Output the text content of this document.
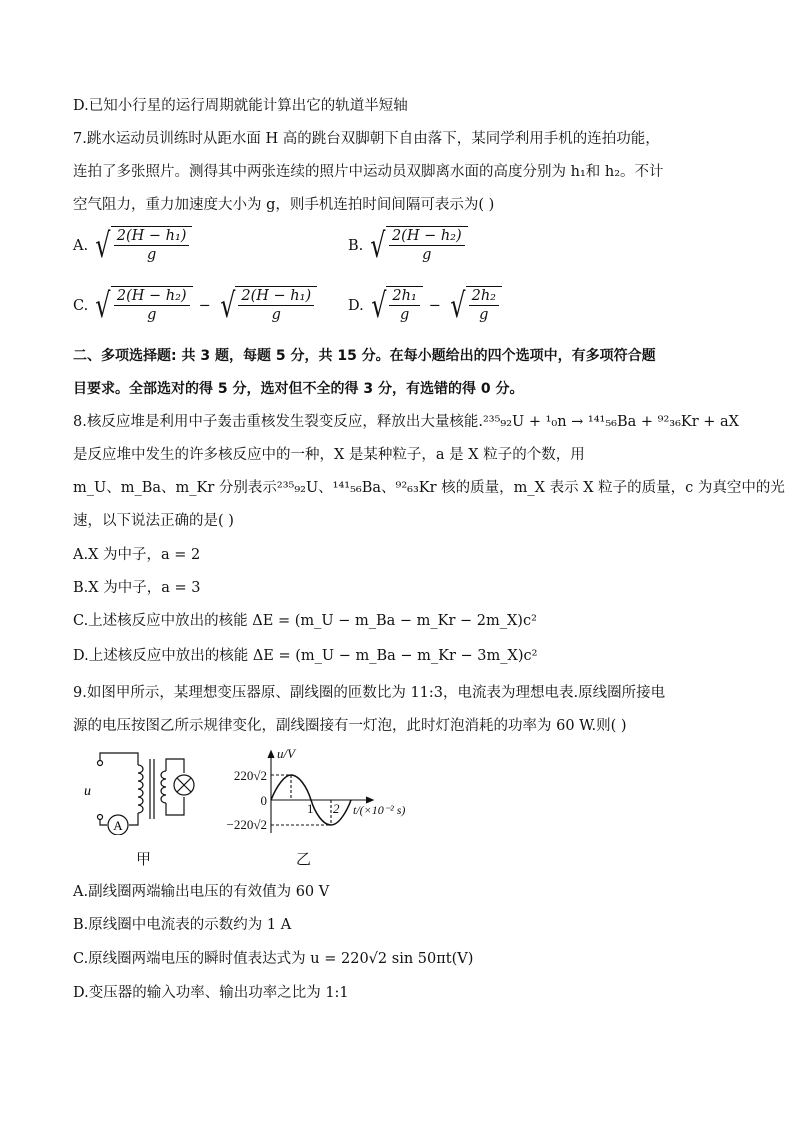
D.已知小行星的运行周期就能计算出它的轨道半短轴
7.跳水运动员训练时从距水面 H 高的跳台双脚朝下自由落下，某同学利用手机的连拍功能，
连拍了多张照片。测得其中两张连续的照片中运动员双脚离水面的高度分别为 h₁和 h₂。不计
空气阻力，重力加速度大小为 g，则手机连拍时间间隔可表示为( )
A. √ $\frac{\text{2(H − h₁)}}{g}$	B. √ $\frac{\text{2(H − h₂)}}{g}$
C. √ $\frac{\text{2(H − h₂)}}{g}$ − √ $\frac{\text{2(H − h₁)}}{g} D$. √ $\frac{\text{2h₁}}{g}$ − √ $\frac{\text{2h₂}}{g}$
二、多项选择题: 共 3 题，每题 5 分，共 15 分。在每小题给出的四个选项中，有多项符合题
目要求。全部选对的得 5 分，选对但不全的得 3 分，有选错的得 0 分。
8.核反应堆是利用中子轰击重核发生裂变反应，释放出大量核能.²³⁵₉₂U + ¹₀n → ¹⁴¹₅₆Ba + ⁹²₃₆Kr + aX
是反应堆中发生的许多核反应中的一种，X 是某种粒子，a 是 X 粒子的个数，用
m_U、m_Ba、m_Kr 分别表示²³⁵₉₂U、¹⁴¹₅₆Ba、⁹²₆₃Kr 核的质量，m_X 表示 X 粒子的质量，c 为真空中的光
速，以下说法正确的是( )
A.X 为中子，a = 2
B.X 为中子，a = 3
C.上述核反应中放出的核能 ΔE = (m_U − m_Ba − m_Kr − 2m_X)c²
D.上述核反应中放出的核能 ΔE = (m_U − m_Ba − m_Kr − 3m_X)c²
9.如图甲所示，某理想变压器原、副线圈的匝数比为 11:3，电流表为理想电表.原线圈所接电
源的电压按图乙所示规律变化，副线圈接有一灯泡，此时灯泡消耗的功率为 60 W.则( )
A
u
甲
u/V
220√2
0
−220√2
1 2 t/(×10⁻² s)
乙
A.副线圈两端输出电压的有效值为 60 V
B.原线圈中电流表的示数约为 1 A
C.原线圈两端电压的瞬时值表达式为 u = 220√2 sin 50πt(V)
D.变压器的输入功率、输出功率之比为 1:1
